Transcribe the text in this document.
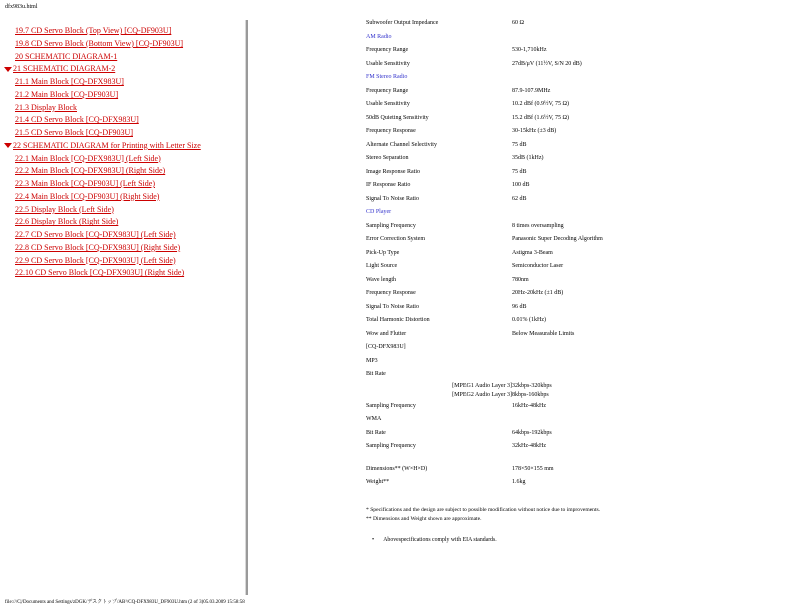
dfx983u.html
19.7 CD Servo Block (Top View) [CQ-DF903U]
19.8 CD Servo Block (Bottom View) [CQ-DF903U]
20 SCHEMATIC DIAGRAM-1
21 SCHEMATIC DIAGRAM-2
21.1 Main Block [CQ-DFX983U]
21.2 Main Block [CQ-DF903U]
21.3 Display Block
21.4 CD Servo Block [CQ-DFX983U]
21.5 CD Servo Block [CQ-DF903U]
22 SCHEMATIC DIAGRAM for Printing with Letter Size
22.1 Main Block [CQ-DFX983U] (Left Side)
22.2 Main Block [CQ-DFX983U] (Right Side)
22.3 Main Block [CQ-DF903U] (Left Side)
22.4 Main Block [CQ-DF903U] (Right Side)
22.5 Display Block (Left Side)
22.6 Display Block (Right Side)
22.7 CD Servo Block [CQ-DFX983U] (Left Side)
22.8 CD Servo Block [CQ-DFX983U] (Right Side)
22.9 CD Servo Block [CQ-DFX903U] (Left Side)
22.10 CD Servo Block [CQ-DFX903U] (Right Side)
Subwoofer Output Impedance	60 Ω
AM Radio
Frequency Range	530-1,710kHz
Usable Sensitivity	27dB/μV (11½V, S/N 20 dB)
FM Stereo Radio
Frequency Range	87.9-107.9MHz
Usable Sensitivity	10.2 dBf (0.9½V, 75 Ω)
50dB Quieting Sensitivity	15.2 dBf (1.6½V, 75 Ω)
Frequency Response	30-15kHz (±3 dB)
Alternate Channel Selectivity	75 dB
Stereo Separation	35dB (1kHz)
Image Response Ratio	75 dB
IF Response Ratio	100 dB
Signal To Noise Ratio	62 dB
CD Player
Sampling Frequency	8 times oversampling
Error Correction System	Panasonic Super Decoding Algorithm
Pick-Up Type	Astigma 3-Beam
Light Source	Semiconductor Laser
Wave length	780nm
Frequency Response	20Hz-20kHz (±1 dB)
Signal To Noise Ratio	96 dB
Total Harmonic Distortion	0.01% (1kHz)
Wow and Flutter	Below Measurable Limits
[CQ-DFX983U]
MP3
Bit Rate
[MPEG1 Audio Layer 3] 32kbps-320kbps
[MPEG2 Audio Layer 3] 8kbps-160kbps
Sampling Frequency	16kHz-48kHz
WMA
Bit Rate	64kbps-192kbps
Sampling Frequency	32kHz-48kHz
Dimensions** (W×H×D)	178×50×155 mm
Weight**	1.6kg
* Specifications and the design are subject to possible modification without notice due to improvements.
** Dimensions and Weight shown are approximate.
• Abovespecifications comply with EIA standards.
file:///C|/Documents and Settings/zDGK/デスクトップ/AB¹/CQ-DFX983U_DF903U.htm (2 of 3)05.03.2009 15:58:58
